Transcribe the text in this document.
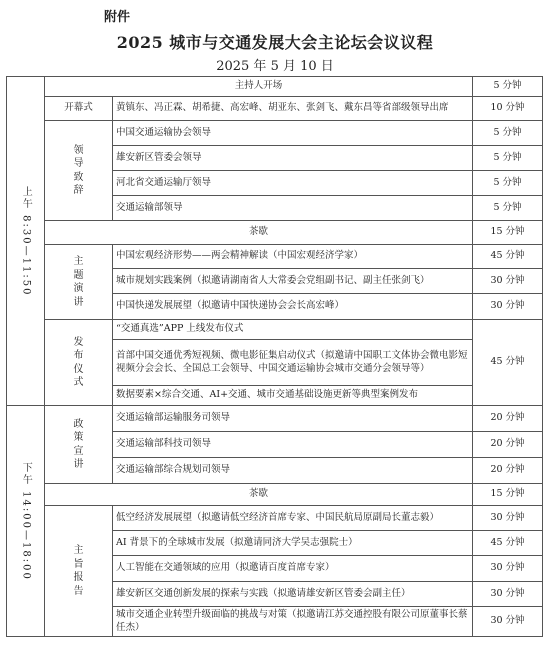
附件
2025 城市与交通发展大会主论坛会议议程
2025 年 5 月 10 日
上午 8:30—11:50	主持人开场		5 分钟
	开幕式	黄镇东、冯正霖、胡希捷、高宏峰、胡亚东、张剑飞、戴东昌等省部级领导出席	10 分钟

	领
导
致
辞	中国交通运输协会领导	5 分钟
		雄安新区管委会领导	5 分钟
		河北省交通运输厅领导	5 分钟
		交通运输部领导	5 分钟
	茶歇		15 分钟

	主
题
演
讲	中国宏观经济形势——两会精神解读（中国宏观经济学家）	45 分钟
		城市规划实践案例（拟邀请湖南省人大常委会党组副书记、副主任张剑飞）	30 分钟
		中国快递发展展望（拟邀请中国快递协会会长高宏峰）	30 分钟

	发
布
仪
式	“交通真选”APP 上线发布仪式	45 分钟
		首部中国交通优秀短视频、微电影征集启动仪式（拟邀请中国职工文体协会微电影短视频分会会长、全国总工会领导、中国交通运输协会城市交通分会领导等）	
		数据要素×综合交通、AI+交通、城市交通基础设施更新等典型案例发布	
下午 14:00—18:00	政
策
宣
讲	交通运输部运输服务司领导	20 分钟
		交通运输部科技司领导	20 分钟
		交通运输部综合规划司领导	20 分钟
	茶歇		15 分钟

	主
旨
报
告	低空经济发展展望（拟邀请低空经济首席专家、中国民航局原副局长董志毅）	30 分钟
		AI 背景下的全球城市发展（拟邀请同济大学吴志强院士）	45 分钟
		人工智能在交通领域的应用（拟邀请百度首席专家）	30 分钟
		雄安新区交通创新发展的探索与实践（拟邀请雄安新区管委会副主任）	30 分钟
		城市交通企业转型升级面临的挑战与对策（拟邀请江苏交通控股有限公司原董事长蔡任杰）	30 分钟
